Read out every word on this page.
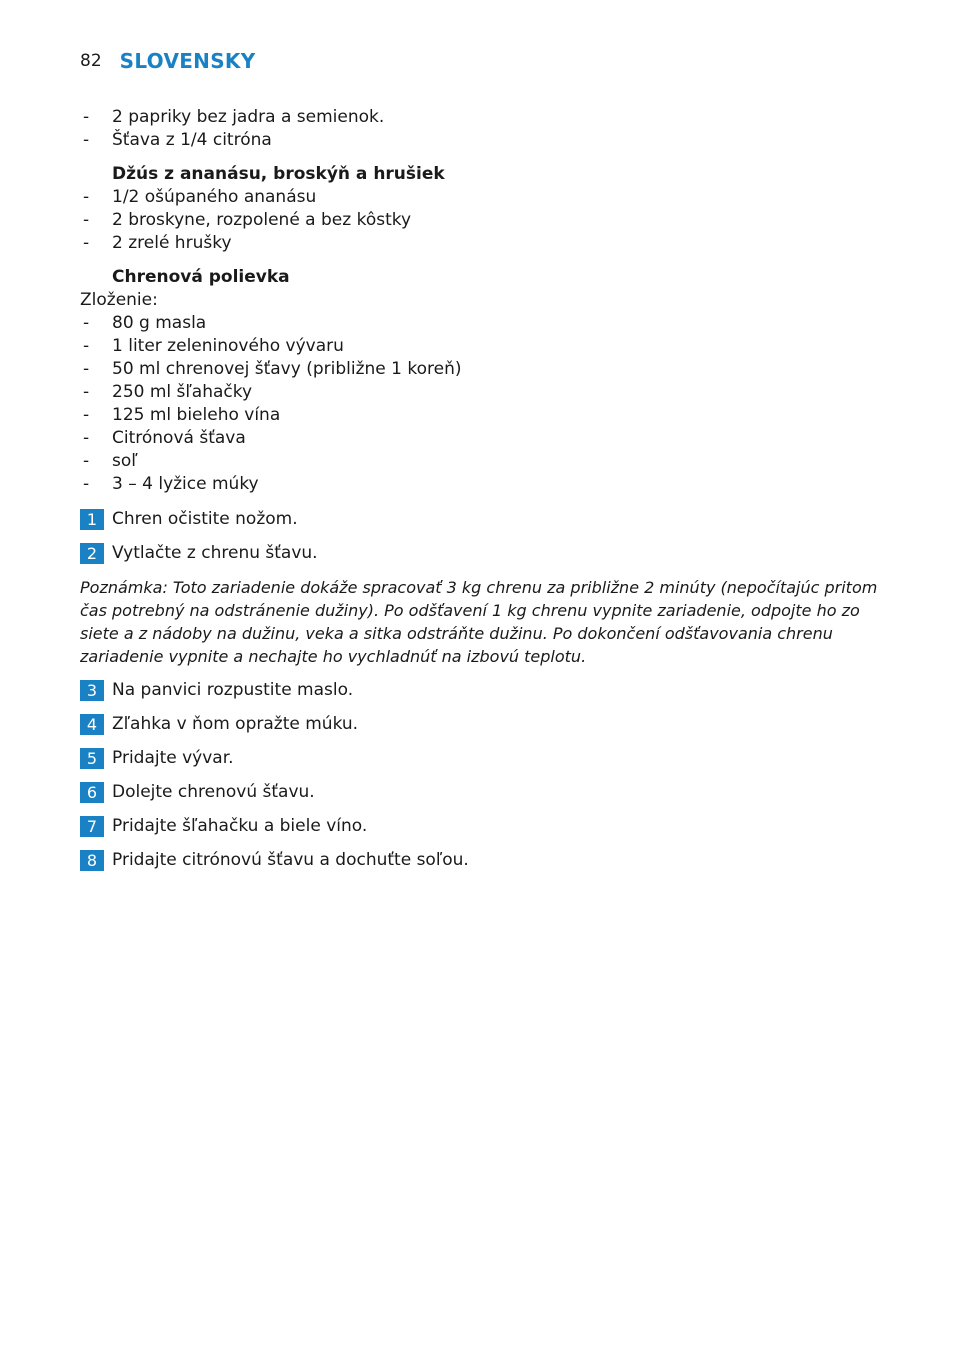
82 SLOVENSKY
- 2 papriky bez jadra a semienok.
- Šťava z 1/4 citróna
Džús z ananásu, broskýň a hrušiek
- 1/2 ošúpaného ananásu
- 2 broskyne, rozpolené a bez kôstky
- 2 zrelé hrušky
Chrenová polievka

Zloženie:

- 80 g masla
- 1 liter zeleninového vývaru
- 50 ml chrenovej šťavy (približne 1 koreň)
- 250 ml šľahačky
- 125 ml bieleho vína
- Citrónová šťava
- soľ
- 3 – 4 lyžice múky
1 Chren očistite nožom.
2 Vytlačte z chrenu šťavu.

Poznámka: Toto zariadenie dokáže spracovať 3 kg chrenu za približne 2 minúty (nepočítajúc pritom čas potrebný na odstránenie dužiny). Po odšťavení 1 kg chrenu vypnite zariadenie, odpojte ho zo siete a z nádoby na dužinu, veka a sitka odstráňte dužinu. Po dokončení odšťavovania chrenu zariadenie vypnite a nechajte ho vychladnúť na izbovú teplotu.

3 Na panvici rozpustite maslo.
4 Zľahka v ňom opražte múku.
5 Pridajte vývar.
6 Dolejte chrenovú šťavu.
7 Pridajte šľahačku a biele víno.
8 Pridajte citrónovú šťavu a dochuťte soľou.
